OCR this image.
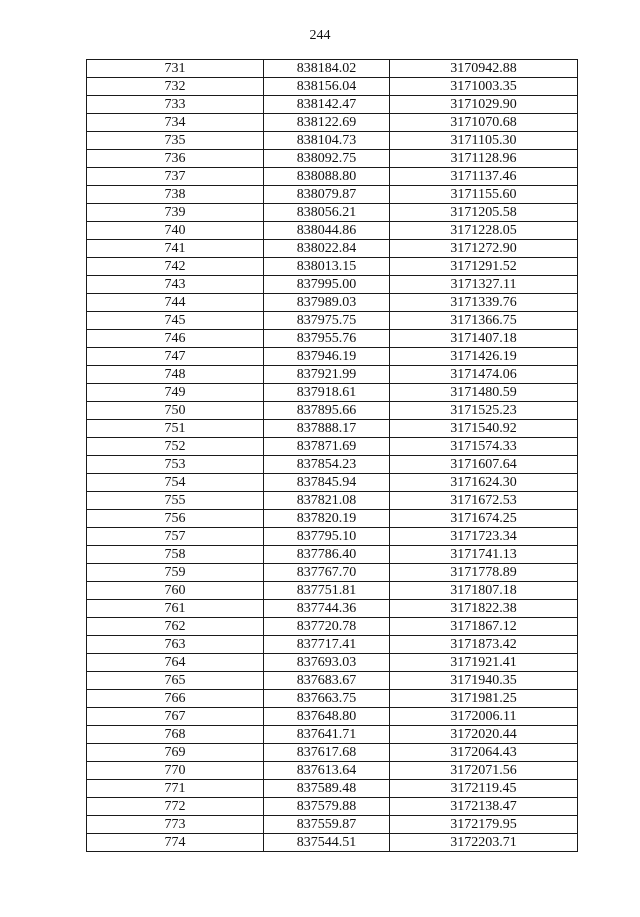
244
731	838184.02	3170942.88
732	838156.04	3171003.35
733	838142.47	3171029.90
734	838122.69	3171070.68
735	838104.73	3171105.30
736	838092.75	3171128.96
737	838088.80	3171137.46
738	838079.87	3171155.60
739	838056.21	3171205.58
740	838044.86	3171228.05
741	838022.84	3171272.90
742	838013.15	3171291.52
743	837995.00	3171327.11
744	837989.03	3171339.76
745	837975.75	3171366.75
746	837955.76	3171407.18
747	837946.19	3171426.19
748	837921.99	3171474.06
749	837918.61	3171480.59
750	837895.66	3171525.23
751	837888.17	3171540.92
752	837871.69	3171574.33
753	837854.23	3171607.64
754	837845.94	3171624.30
755	837821.08	3171672.53
756	837820.19	3171674.25
757	837795.10	3171723.34
758	837786.40	3171741.13
759	837767.70	3171778.89
760	837751.81	3171807.18
761	837744.36	3171822.38
762	837720.78	3171867.12
763	837717.41	3171873.42
764	837693.03	3171921.41
765	837683.67	3171940.35
766	837663.75	3171981.25
767	837648.80	3172006.11
768	837641.71	3172020.44
769	837617.68	3172064.43
770	837613.64	3172071.56
771	837589.48	3172119.45
772	837579.88	3172138.47
773	837559.87	3172179.95
774	837544.51	3172203.71
